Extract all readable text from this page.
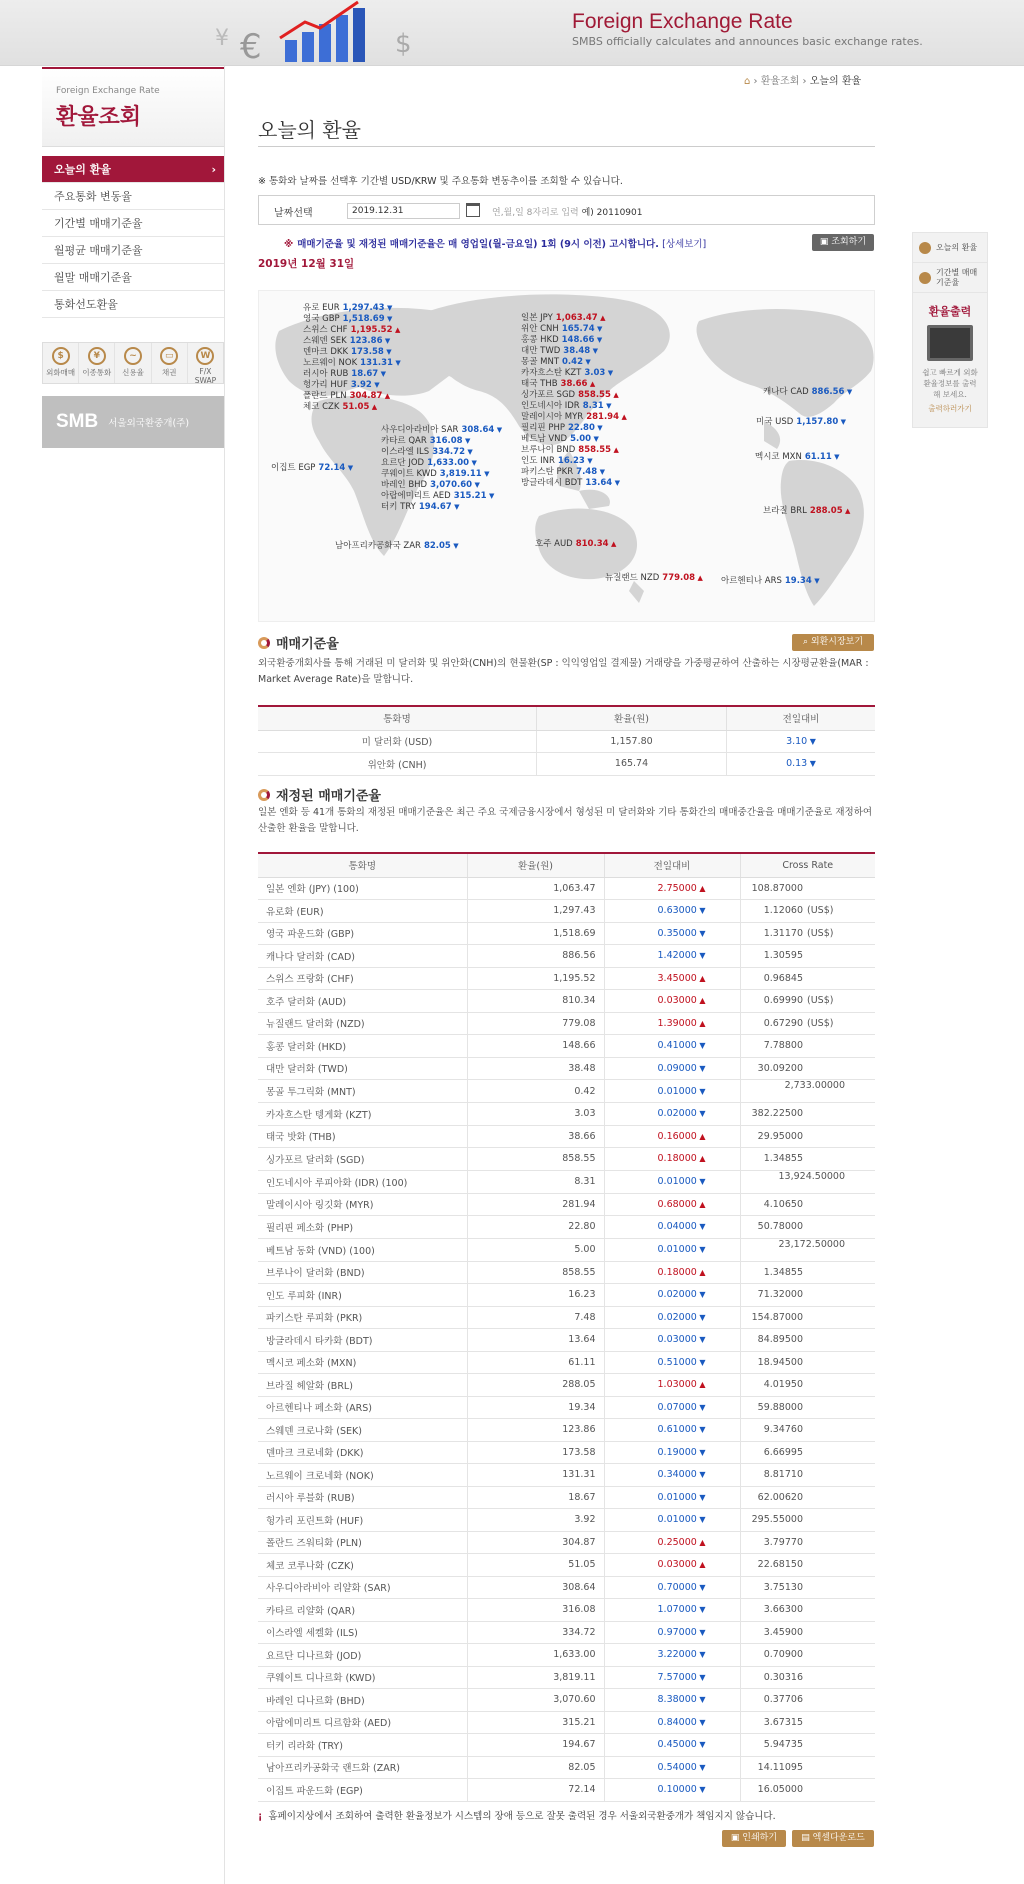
¥ €	$
Foreign Exchange Rate
SMBS officially calculates and announces basic exchange rates.
Foreign Exchange Rate
환율조회
오늘의 환율 ›
주요통화 변동율
기간별 매매기준율
월평균 매매기준율
월말 매매기준율
통화선도환율
$
외화매매
¥
이종통화
~
신용율
▭
채권
W
F/X SWAP
SMB 서울외국환중개(주)
⌂ › 환율조회 › 오늘의 환율
오늘의 환율
※ 통화와 날짜를 선택후 기간별 USD/KRW 및 주요통화 변동추이를 조회할 수 있습니다.
날짜선택
2019.12.31	연,월,일 8자리로 입력 예) 20110901
※ 매매기준율 및 재정된 매매기준율은 매 영업일(월-금요일) 1회 (9시 이전) 고시합니다. [상세보기]	▣ 조회하기
2019년 12월 31일
유로 EUR 1,297.43 ▼
영국 GBP 1,518.69 ▼
스위스 CHF 1,195.52 ▲
스웨덴 SEK 123.86 ▼
덴마크 DKK 173.58 ▼
노르웨이 NOK 131.31 ▼
러시아 RUB 18.67 ▼
헝가리 HUF 3.92 ▼
폴란드 PLN 304.87 ▲
체코 CZK 51.05 ▲
이집트 EGP 72.14 ▼
사우디아라비아 SAR 308.64 ▼
카타르 QAR 316.08 ▼
이스라엘 ILS 334.72 ▼
요르단 JOD 1,633.00 ▼
쿠웨이트 KWD 3,819.11 ▼
바레인 BHD 3,070.60 ▼
아랍에미리트 AED 315.21 ▼
터키 TRY 194.67 ▼
남아프리카공화국 ZAR 82.05 ▼
일본 JPY 1,063.47 ▲
위안 CNH 165.74 ▼
홍콩 HKD 148.66 ▼
대만 TWD 38.48 ▼
몽골 MNT 0.42 ▼
카자흐스탄 KZT 3.03 ▼
태국 THB 38.66 ▲
싱가포르 SGD 858.55 ▲
인도네시아 IDR 8.31 ▼
말레이시아 MYR 281.94 ▲
필리핀 PHP 22.80 ▼
베트남 VND 5.00 ▼
브루나이 BND 858.55 ▲
인도 INR 16.23 ▼
파키스탄 PKR 7.48 ▼
방글라데시 BDT 13.64 ▼
호주 AUD 810.34 ▲
뉴질랜드 NZD 779.08 ▲
캐나다 CAD 886.56 ▼
미국 USD 1,157.80 ▼
멕시코 MXN 61.11 ▼
브라질 BRL 288.05 ▲
아르헨티나 ARS 19.34 ▼
오늘의 환율
기간별 매매기준율
환율출력
쉽고 빠르게 외화 환율정보를 출력해 보세요.
출력하러가기
매매기준율	⌕ 외환시장보기
외국환중개회사를 통해 거래된 미 달러화 및 위안화(CNH)의 현물환(SP : 익익영업일 결제물) 거래량을 가중평균하여 산출하는 시장평균환율(MAR : Market Average Rate)을 말합니다.
통화명	환율(원)	전일대비
미 달러화 (USD)	1,157.80	3.10 ▼
위안화 (CNH)	165.74	0.13 ▼
재정된 매매기준율
일본 엔화 등 41개 통화의 재정된 매매기준율은 최근 주요 국제금융시장에서 형성된 미 달러화와 기타 통화간의 매매중간율을 매매기준율로 재정하여 산출한 환율을 말합니다.
통화명	환율(원)	전일대비	Cross Rate
일본 엔화 (JPY) (100)	1,063.47	2.75000 ▲	108.87000
유로화 (EUR)	1,297.43	0.63000 ▼	1.12060 (US$)
영국 파운드화 (GBP)	1,518.69	0.35000 ▼	1.31170 (US$)
캐나다 달러화 (CAD)	886.56	1.42000 ▼	1.30595
스위스 프랑화 (CHF)	1,195.52	3.45000 ▲	0.96845
호주 달러화 (AUD)	810.34	0.03000 ▲	0.69990 (US$)
뉴질랜드 달러화 (NZD)	779.08	1.39000 ▲	0.67290 (US$)
홍콩 달러화 (HKD)	148.66	0.41000 ▼	7.78800
대만 달러화 (TWD)	38.48	0.09000 ▼	30.09200
몽골 투그릭화 (MNT)	0.42	0.01000 ▼	2,733.00000
카자흐스탄 텡게화 (KZT)	3.03	0.02000 ▼	382.22500
태국 밧화 (THB)	38.66	0.16000 ▲	29.95000
싱가포르 달러화 (SGD)	858.55	0.18000 ▲	1.34855
인도네시아 루피아화 (IDR) (100)	8.31	0.01000 ▼	13,924.50000
말레이시아 링깃화 (MYR)	281.94	0.68000 ▲	4.10650
필리핀 페소화 (PHP)	22.80	0.04000 ▼	50.78000
베트남 동화 (VND) (100)	5.00	0.01000 ▼	23,172.50000
브루나이 달러화 (BND)	858.55	0.18000 ▲	1.34855
인도 루피화 (INR)	16.23	0.02000 ▼	71.32000
파키스탄 루피화 (PKR)	7.48	0.02000 ▼	154.87000
방글라데시 타카화 (BDT)	13.64	0.03000 ▼	84.89500
멕시코 페소화 (MXN)	61.11	0.51000 ▼	18.94500
브라질 헤알화 (BRL)	288.05	1.03000 ▲	4.01950
아르헨티나 페소화 (ARS)	19.34	0.07000 ▼	59.88000
스웨덴 크로나화 (SEK)	123.86	0.61000 ▼	9.34760
덴마크 크로네화 (DKK)	173.58	0.19000 ▼	6.66995
노르웨이 크로네화 (NOK)	131.31	0.34000 ▼	8.81710
러시아 루블화 (RUB)	18.67	0.01000 ▼	62.00620
헝가리 포린트화 (HUF)	3.92	0.01000 ▼	295.55000
폴란드 즈워티화 (PLN)	304.87	0.25000 ▲	3.79770
체코 코루나화 (CZK)	51.05	0.03000 ▲	22.68150
사우디아라비아 리얄화 (SAR)	308.64	0.70000 ▼	3.75130
카타르 리얄화 (QAR)	316.08	1.07000 ▼	3.66300
이스라엘 세켈화 (ILS)	334.72	0.97000 ▼	3.45900
요르단 디나르화 (JOD)	1,633.00	3.22000 ▼	0.70900
쿠웨이트 디나르화 (KWD)	3,819.11	7.57000 ▼	0.30316
바레인 디나르화 (BHD)	3,070.60	8.38000 ▼	0.37706
아랍에미리트 디르함화 (AED)	315.21	0.84000 ▼	3.67315
터키 리라화 (TRY)	194.67	0.45000 ▼	5.94735
남아프리카공화국 랜드화 (ZAR)	82.05	0.54000 ▼	14.11095
이집트 파운드화 (EGP)	72.14	0.10000 ▼	16.05000
¡ 홈페이지상에서 조회하여 출력한 환율정보가 시스템의 장애 등으로 잘못 출력된 경우 서울외국환중개가 책임지지 않습니다.
▣ 인쇄하기	▤ 엑셀다운로드
